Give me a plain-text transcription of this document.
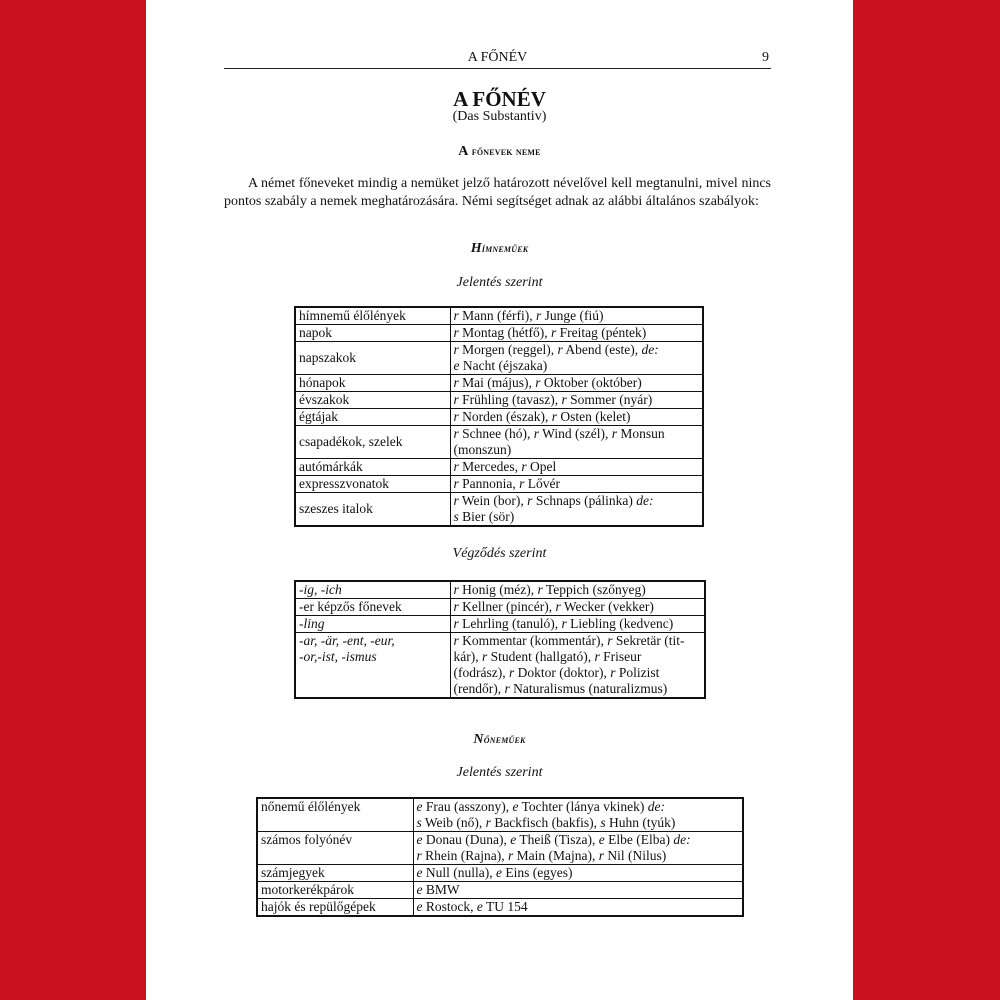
A FŐNÉV	9
A FŐNÉV
(Das Substantiv)
A főnevek neme

A német főneveket mindig a nemüket jelző határozott névelővel kell megtanulni, mivel nincs pontos szabály a nemek meghatározására. Némi segítséget adnak az alábbi általános szabályok:

Hímneműek
Jelentés szerint
hímnemű élőlények	r Mann (férfi), r Junge (fiú)
napok	r Montag (hétfő), r Freitag (péntek)
napszakok	r Morgen (reggel), r Abend (este), de:
e Nacht (éjszaka)
hónapok	r Mai (május), r Oktober (október)
évszakok	r Frühling (tavasz), r Sommer (nyár)
égtájak	r Norden (észak), r Osten (kelet)
csapadékok, szelek	r Schnee (hó), r Wind (szél), r Monsun
(monszun)
autómárkák	r Mercedes, r Opel
expresszvonatok	r Pannonia, r Lővér
szeszes italok	r Wein (bor), r Schnaps (pálinka) de:
s Bier (sör)
Végződés szerint
-ig, -ich	r Honig (méz), r Teppich (szőnyeg)
-er képzős főnevek	r Kellner (pincér), r Wecker (vekker)
-ling	r Lehrling (tanuló), r Liebling (kedvenc)
-ar, -är, -ent, -eur,
-or,-ist, -ismus	r Kommentar (kommentár), r Sekretär (tit-
kár), r Student (hallgató), r Friseur
(fodrász), r Doktor (doktor), r Polizist
(rendőr), r Naturalismus (naturalizmus)
Nőneműek
Jelentés szerint
nőnemű élőlények	e Frau (asszony), e Tochter (lánya vkinek) de:
s Weib (nő), r Backfisch (bakfis), s Huhn (tyúk)
számos folyónév	e Donau (Duna), e Theiß (Tisza), e Elbe (Elba) de:
r Rhein (Rajna), r Main (Majna), r Nil (Nilus)
számjegyek	e Null (nulla), e Eins (egyes)
motorkerékpárok	e BMW
hajók és repülőgépek	e Rostock, e TU 154
